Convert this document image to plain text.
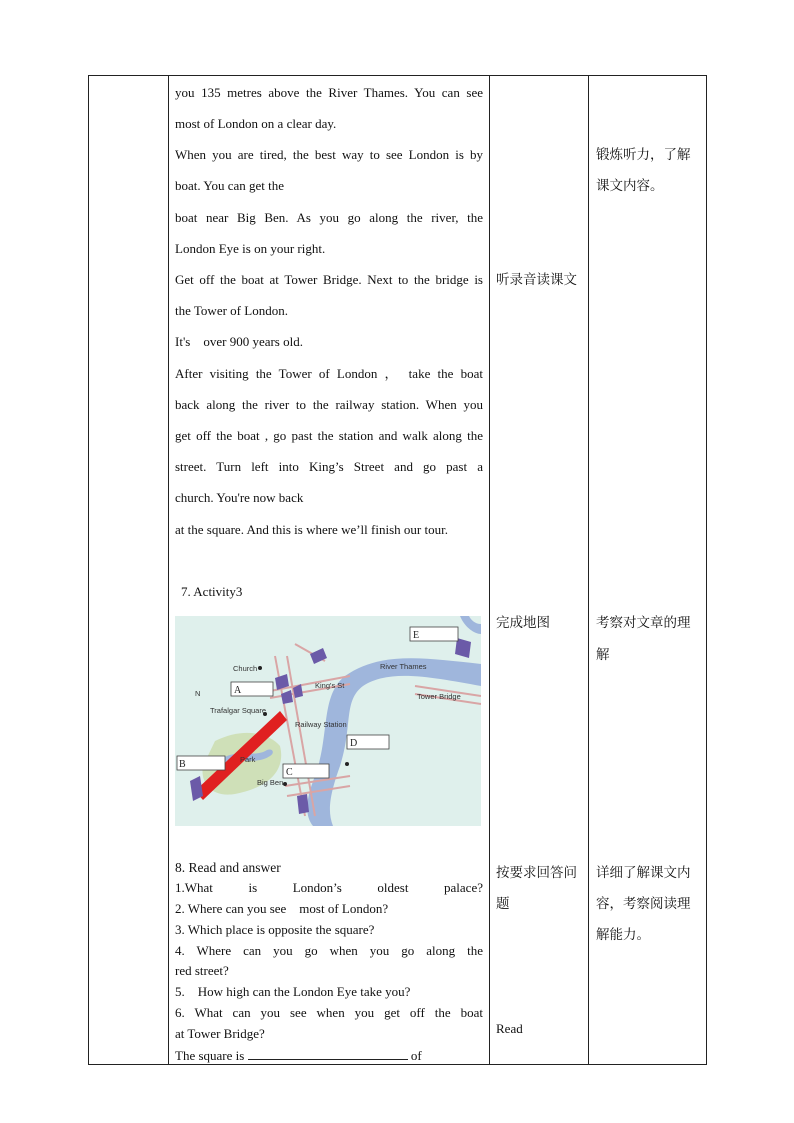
you 135 metres above the River Thames. You can see
most of London on a clear day.
When you are tired, the best way to see London is by
boat. You can get the
boat near Big Ben. As you go along the river, the
London Eye is on your right.
Get off the boat at Tower Bridge. Next to the bridge is
the Tower of London.
It's    over 900 years old.
After visiting the Tower of London ， take the boat
back along the river to the railway station. When you
get off the boat , go past the station and walk along the
street. Turn left into King’s Street and go past a
church. You're now back
at the square. And this is where we’ll finish our tour.
7. Activity3
E
A
B
C
D
Church
King's St
Trafalgar Square
Railway Station
River Thames
Tower Bridge
Park
Big Ben
N
8. Read and answer
1.What is London’s oldest palace?
2. Where can you see    most of London?
3. Which place is opposite the square?
4. Where can you go when you go along the
red street?
5.    How high can the London Eye take you?
6. What can you see when you get off the boat
at Tower Bridge?
The square is	of
听录音读课文
完成地图
按要求回答问
题
Read
锻炼听力，了解
课文内容。
考察对文章的理
解
详细了解课文内
容，考察阅读理
解能力。
